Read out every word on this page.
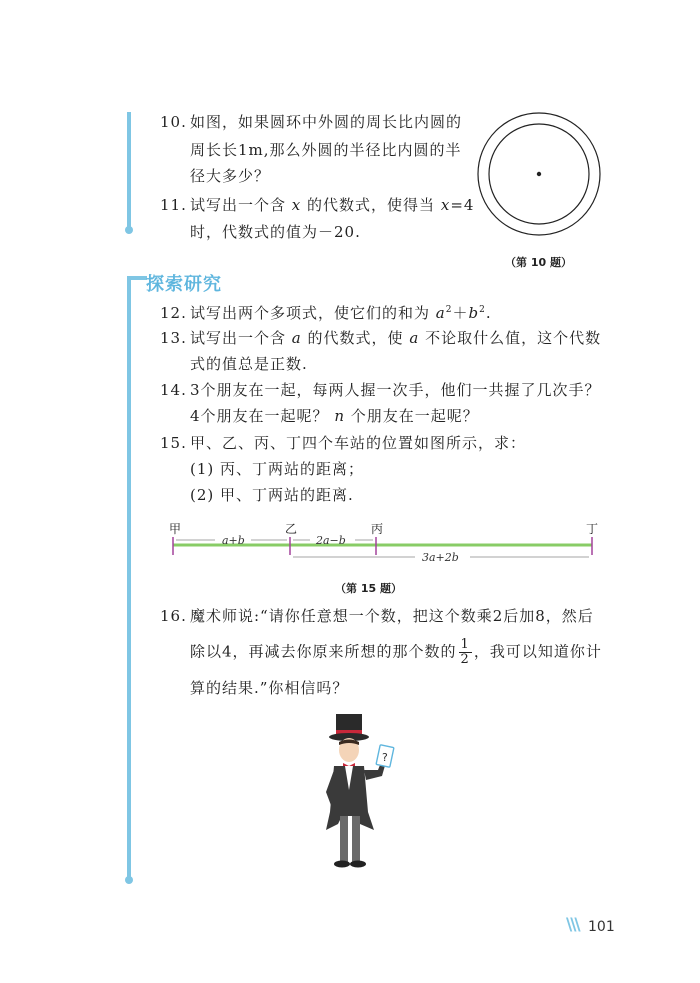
10. 如图，如果圆环中外圆的周长比内圆的
周长长1m,那么外圆的半径比内圆的半
径大多少？
（第 10 题）
11. 试写出一个含 x 的代数式，使得当 x=4
时，代数式的值为－20.
探索研究
12. 试写出两个多项式，使它们的和为 $a^2+b^2$.
13. 试写出一个含 a 的代数式，使 a 不论取什么值，这个代数
式的值总是正数.
14. 3个朋友在一起，每两人握一次手，他们一共握了几次手？
4个朋友在一起呢？ n 个朋友在一起呢？
15. 甲、乙、丙、丁四个车站的位置如图所示，求：
(1) 丙、丁两站的距离；
(2) 甲、丁两站的距离.
甲	乙	丙	丁
a+b	2a−b
3a+2b
（第 15 题）
16. 魔术师说:“请你任意想一个数，把这个数乘2后加8，然后
除以4，再减去你原来所想的那个数的 $\frac{1}{2}$ ，我可以知道你计
算的结果.”你相信吗？
?
\\\ 101
